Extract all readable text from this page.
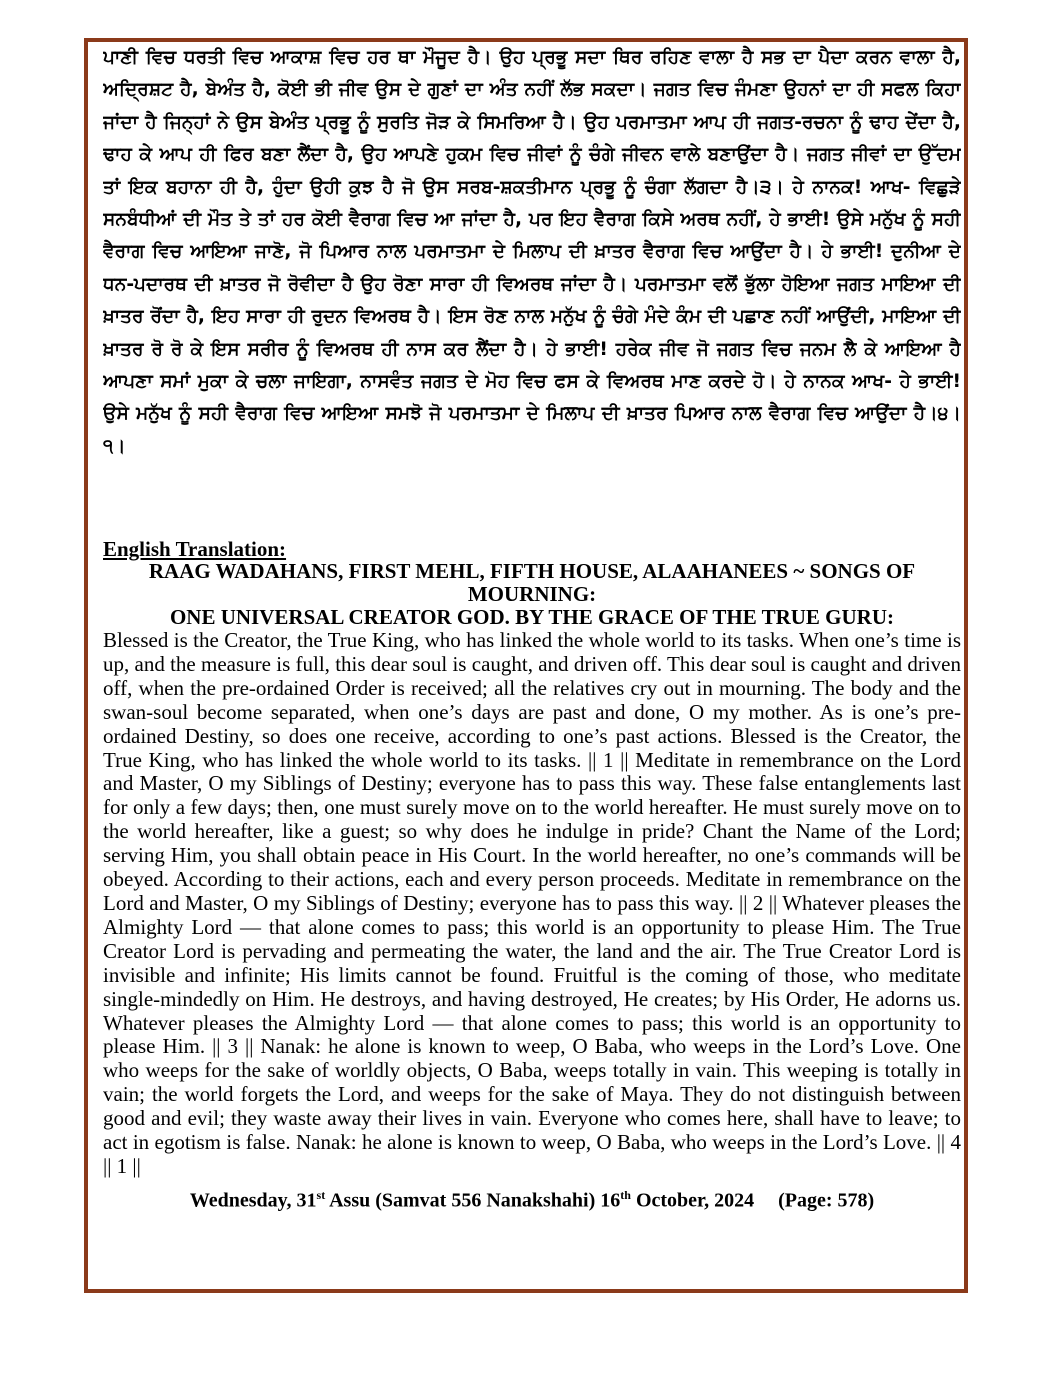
ਪਾਣੀ ਵਿਚ ਧਰਤੀ ਵਿਚ ਆਕਾਸ਼ ਵਿਚ ਹਰ ਥਾ ਮੌਜੂਦ ਹੈ। ਉਹ ਪ੍ਰਭੂ ਸਦਾ ਥਿਰ ਰਹਿਣ ਵਾਲਾ ਹੈ ਸਭ ਦਾ ਪੈਦਾ ਕਰਨ ਵਾਲਾ ਹੈ, ਅਦ੍ਰਿਸ਼ਟ ਹੈ, ਬੇਅੰਤ ਹੈ, ਕੋਈ ਭੀ ਜੀਵ ਉਸ ਦੇ ਗੁਣਾਂ ਦਾ ਅੰਤ ਨਹੀਂ ਲੱਭ ਸਕਦਾ। ਜਗਤ ਵਿਚ ਜੰਮਣਾ ਉਹਨਾਂ ਦਾ ਹੀ ਸਫਲ ਕਿਹਾ ਜਾਂਦਾ ਹੈ ਜਿਨ੍ਹਾਂ ਨੇ ਉਸ ਬੇਅੰਤ ਪ੍ਰਭੂ ਨੂੰ ਸੁਰਤਿ ਜੋੜ ਕੇ ਸਿਮਰਿਆ ਹੈ। ਉਹ ਪਰਮਾਤਮਾ ਆਪ ਹੀ ਜਗਤ-ਰਚਨਾ ਨੂੰ ਢਾਹ ਦੇਂਦਾ ਹੈ, ਢਾਹ ਕੇ ਆਪ ਹੀ ਫਿਰ ਬਣਾ ਲੈਂਦਾ ਹੈ, ਉਹ ਆਪਣੇ ਹੁਕਮ ਵਿਚ ਜੀਵਾਂ ਨੂੰ ਚੰਗੇ ਜੀਵਨ ਵਾਲੇ ਬਣਾਉਂਦਾ ਹੈ। ਜਗਤ ਜੀਵਾਂ ਦਾ ਉੱਦਮ ਤਾਂ ਇਕ ਬਹਾਨਾ ਹੀ ਹੈ, ਹੁੰਦਾ ਉਹੀ ਕੁਝ ਹੈ ਜੋ ਉਸ ਸਰਬ-ਸ਼ਕਤੀਮਾਨ ਪ੍ਰਭੂ ਨੂੰ ਚੰਗਾ ਲੱਗਦਾ ਹੈ।੩। ਹੇ ਨਾਨਕ! ਆਖ- ਵਿਛੁੜੇ ਸਨਬੰਧੀਆਂ ਦੀ ਮੌਤ ਤੇ ਤਾਂ ਹਰ ਕੋਈ ਵੈਰਾਗ ਵਿਚ ਆ ਜਾਂਦਾ ਹੈ, ਪਰ ਇਹ ਵੈਰਾਗ ਕਿਸੇ ਅਰਥ ਨਹੀਂ, ਹੇ ਭਾਈ! ਉਸੇ ਮਨੁੱਖ ਨੂੰ ਸਹੀ ਵੈਰਾਗ ਵਿਚ ਆਇਆ ਜਾਣੋ, ਜੋ ਪਿਆਰ ਨਾਲ ਪਰਮਾਤਮਾ ਦੇ ਮਿਲਾਪ ਦੀ ਖ਼ਾਤਰ ਵੈਰਾਗ ਵਿਚ ਆਉਂਦਾ ਹੈ। ਹੇ ਭਾਈ! ਦੁਨੀਆ ਦੇ ਧਨ-ਪਦਾਰਥ ਦੀ ਖ਼ਾਤਰ ਜੋ ਰੋਵੀਦਾ ਹੈ ਉਹ ਰੋਣਾ ਸਾਰਾ ਹੀ ਵਿਅਰਥ ਜਾਂਦਾ ਹੈ। ਪਰਮਾਤਮਾ ਵਲੋਂ ਭੁੱਲਾ ਹੋਇਆ ਜਗਤ ਮਾਇਆ ਦੀ ਖ਼ਾਤਰ ਰੋਂਦਾ ਹੈ, ਇਹ ਸਾਰਾ ਹੀ ਰੁਦਨ ਵਿਅਰਥ ਹੈ। ਇਸ ਰੋਣ ਨਾਲ ਮਨੁੱਖ ਨੂੰ ਚੰਗੇ ਮੰਦੇ ਕੰਮ ਦੀ ਪਛਾਣ ਨਹੀਂ ਆਉਂਦੀ, ਮਾਇਆ ਦੀ ਖ਼ਾਤਰ ਰੋ ਰੋ ਕੇ ਇਸ ਸਰੀਰ ਨੂੰ ਵਿਅਰਥ ਹੀ ਨਾਸ ਕਰ ਲੈਂਦਾ ਹੈ। ਹੇ ਭਾਈ! ਹਰੇਕ ਜੀਵ ਜੋ ਜਗਤ ਵਿਚ ਜਨਮ ਲੈ ਕੇ ਆਇਆ ਹੈ ਆਪਣਾ ਸਮਾਂ ਮੁਕਾ ਕੇ ਚਲਾ ਜਾਇਗਾ, ਨਾਸਵੰਤ ਜਗਤ ਦੇ ਮੋਹ ਵਿਚ ਫਸ ਕੇ ਵਿਅਰਥ ਮਾਣ ਕਰਦੇ ਹੋ। ਹੇ ਨਾਨਕ ਆਖ- ਹੇ ਭਾਈ! ਉਸੇ ਮਨੁੱਖ ਨੂੰ ਸਹੀ ਵੈਰਾਗ ਵਿਚ ਆਇਆ ਸਮਝੋ ਜੋ ਪਰਮਾਤਮਾ ਦੇ ਮਿਲਾਪ ਦੀ ਖ਼ਾਤਰ ਪਿਆਰ ਨਾਲ ਵੈਰਾਗ ਵਿਚ ਆਉਂਦਾ ਹੈ।੪।੧।

English Translation:

RAAG WADAHANS, FIRST MEHL, FIFTH HOUSE, ALAAHANEES ~ SONGS OF MOURNING:

ONE UNIVERSAL CREATOR GOD. BY THE GRACE OF THE TRUE GURU:

Blessed is the Creator, the True King, who has linked the whole world to its tasks. When one’s time is up, and the measure is full, this dear soul is caught, and driven off. This dear soul is caught and driven off, when the pre-ordained Order is received; all the relatives cry out in mourning. The body and the swan-soul become separated, when one’s days are past and done, O my mother. As is one’s pre-ordained Destiny, so does one receive, according to one’s past actions. Blessed is the Creator, the True King, who has linked the whole world to its tasks. || 1 || Meditate in remembrance on the Lord and Master, O my Siblings of Destiny; everyone has to pass this way. These false entanglements last for only a few days; then, one must surely move on to the world hereafter. He must surely move on to the world hereafter, like a guest; so why does he indulge in pride? Chant the Name of the Lord; serving Him, you shall obtain peace in His Court. In the world hereafter, no one’s commands will be obeyed. According to their actions, each and every person proceeds. Meditate in remembrance on the Lord and Master, O my Siblings of Destiny; everyone has to pass this way. || 2 || Whatever pleases the Almighty Lord — that alone comes to pass; this world is an opportunity to please Him. The True Creator Lord is pervading and permeating the water, the land and the air. The True Creator Lord is invisible and infinite; His limits cannot be found. Fruitful is the coming of those, who meditate single-mindedly on Him. He destroys, and having destroyed, He creates; by His Order, He adorns us. Whatever pleases the Almighty Lord — that alone comes to pass; this world is an opportunity to please Him. || 3 || Nanak: he alone is known to weep, O Baba, who weeps in the Lord’s Love. One who weeps for the sake of worldly objects, O Baba, weeps totally in vain. This weeping is totally in vain; the world forgets the Lord, and weeps for the sake of Maya. They do not distinguish between good and evil; they waste away their lives in vain. Everyone who comes here, shall have to leave; to act in egotism is false. Nanak: he alone is known to weep, O Baba, who weeps in the Lord’s Love. || 4 || 1 ||

Wednesday, 31st Assu (Samvat 556 Nanakshahi) 16th October, 2024 (Page: 578)
